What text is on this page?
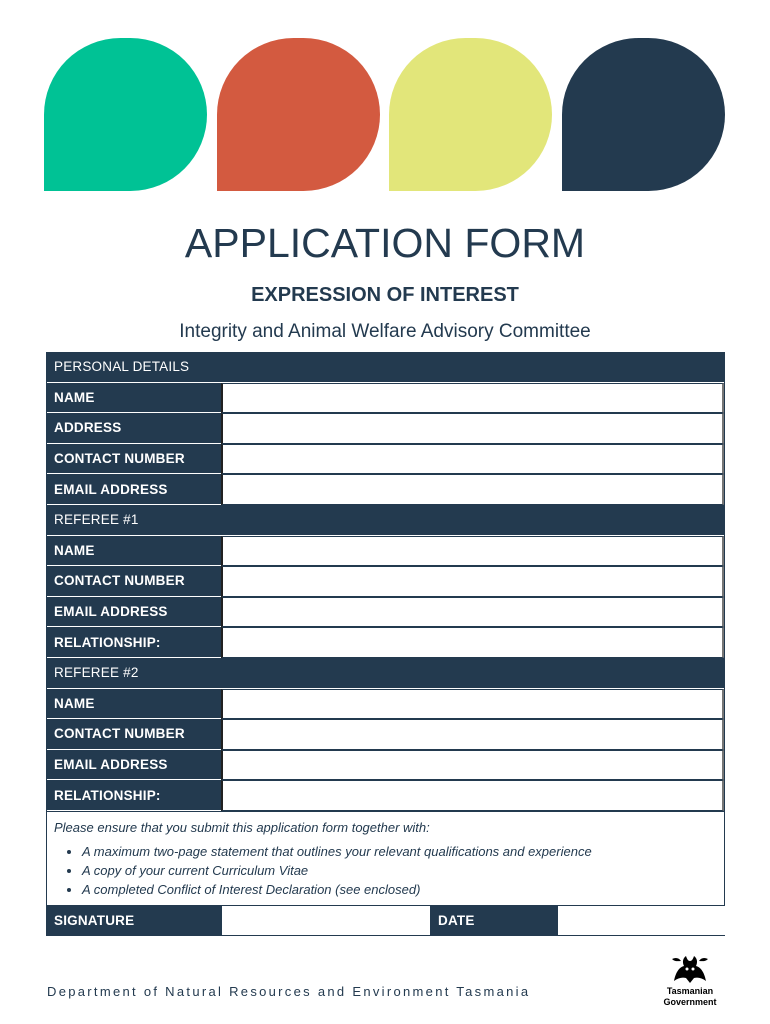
APPLICATION FORM
EXPRESSION OF INTEREST

Integrity and Animal Welfare Advisory Committee

PERSONAL DETAILS
NAME
ADDRESS
CONTACT NUMBER
EMAIL ADDRESS
REFEREE #1
NAME
CONTACT NUMBER
EMAIL ADDRESS
RELATIONSHIP:
REFEREE #2
NAME
CONTACT NUMBER
EMAIL ADDRESS
RELATIONSHIP:

Please ensure that you submit this application form together with:

• A maximum two-page statement that outlines your relevant qualifications and experience
• A copy of your current Curriculum Vitae
• A completed Conflict of Interest Declaration (see enclosed)
SIGNATURE	DATE
Department of Natural Resources and Environment Tasmania	Tasmanian
Government
